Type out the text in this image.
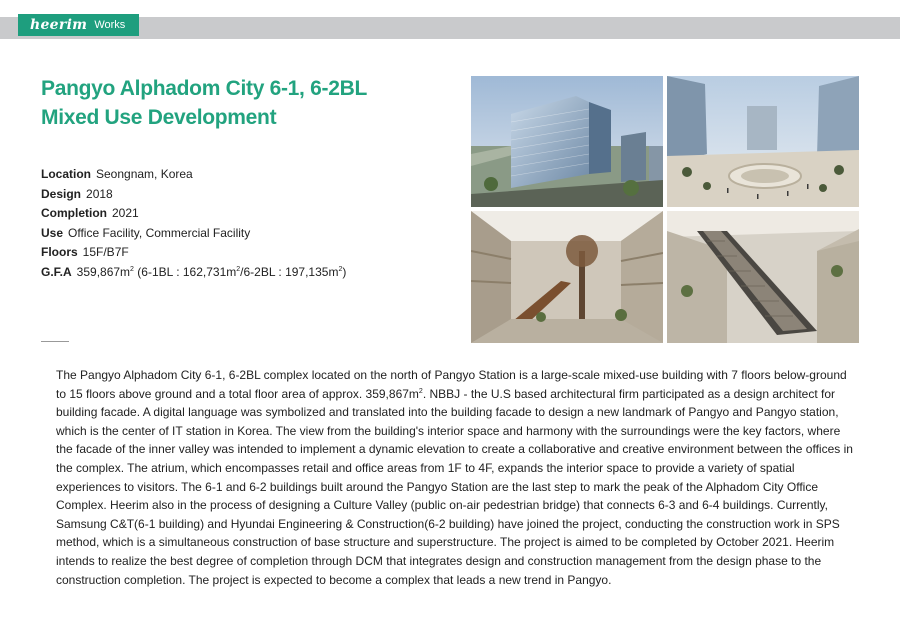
heerim Works
Pangyo Alphadom City 6-1, 6-2BL
Mixed Use Development
Location Seongnam, Korea
Design 2018
Completion 2021
Use Office Facility, Commercial Facility
Floors 15F/B7F
G.F.A $359,867m^2$ (6-1BL : $162,731m^2/6-2BL$ : $197,135m^2$)

The Pangyo Alphadom City 6-1, 6-2BL complex located on the north of Pangyo Station is a large-scale mixed-use building with 7 floors below-ground to 15 floors above ground and a total floor area of approx. $359,867m^2$. NBBJ - the U.S based architectural firm participated as a design architect for building facade. A digital language was symbolized and translated into the building facade to design a new landmark of Pangyo and Pangyo station, which is the center of IT station in Korea. The view from the building's interior space and harmony with the surroundings were the key factors, where the facade of the inner valley was intended to implement a dynamic elevation to create a collaborative and creative environment between the offices in the complex. The atrium, which encompasses retail and office areas from 1F to 4F, expands the interior space to provide a variety of spatial experiences to visitors. The 6-1 and 6-2 buildings built around the Pangyo Station are the last step to mark the peak of the Alphadom City Office Complex. Heerim also in the process of designing a Culture Valley (public on-air pedestrian bridge) that connects 6-3 and 6-4 buildings. Currently, Samsung C&T(6-1 building) and Hyundai Engineering & Construction(6-2 building) have joined the project, conducting the construction work in SPS method, which is a simultaneous construction of base structure and superstructure. The project is aimed to be completed by October 2021. Heerim intends to realize the best degree of completion through DCM that integrates design and construction management from the design phase to the construction completion. The project is expected to become a complex that leads a new trend in Pangyo.
